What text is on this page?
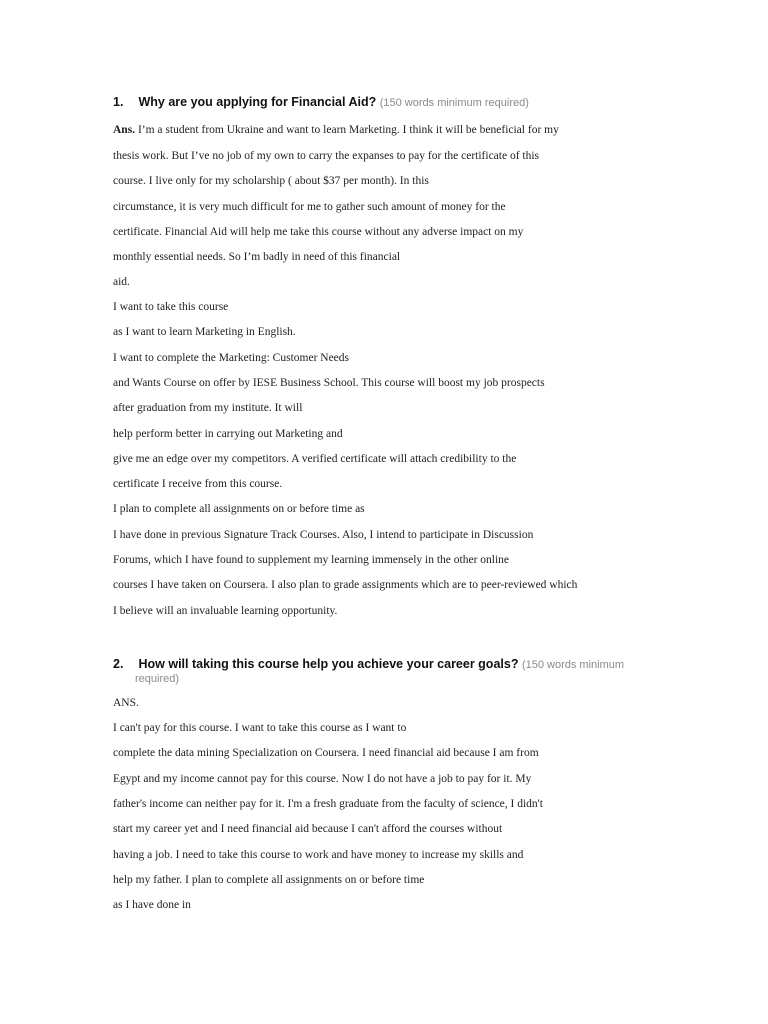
1. Why are you applying for Financial Aid? (150 words minimum required)
Ans. I’m a student from Ukraine and want to learn Marketing. I think it will be beneficial for my
thesis work. But I’ve no job of my own to carry the expanses to pay for the certificate of this
course. I live only for my scholarship ( about $37 per month). In this
circumstance, it is very much difficult for me to gather such amount of money for the
certificate. Financial Aid will help me take this course without any adverse impact on my
monthly essential needs. So I’m badly in need of this financial
aid.
I want to take this course
as I want to learn Marketing in English.
I want to complete the Marketing: Customer Needs
and Wants Course on offer by IESE Business School. This course will boost my job prospects
after graduation from my institute. It will
help perform better in carrying out Marketing and
give me an edge over my competitors. A verified certificate will attach credibility to the
certificate I receive from this course.
I plan to complete all assignments on or before time as
I have done in previous Signature Track Courses. Also, I intend to participate in Discussion
Forums, which I have found to supplement my learning immensely in the other online
courses I have taken on Coursera. I also plan to grade assignments which are to peer-reviewed which
I believe will an invaluable learning opportunity.
2. How will taking this course help you achieve your career goals? (150 words minimum
required)
ANS.
I can't pay for this course. I want to take this course as I want to
complete the data mining Specialization on Coursera. I need financial aid because I am from
Egypt and my income cannot pay for this course. Now I do not have a job to pay for it. My
father's income can neither pay for it. I'm a fresh graduate from the faculty of science, I didn't
start my career yet and I need financial aid because I can't afford the courses without
having a job. I need to take this course to work and have money to increase my skills and
help my father. I plan to complete all assignments on or before time
as I have done in
